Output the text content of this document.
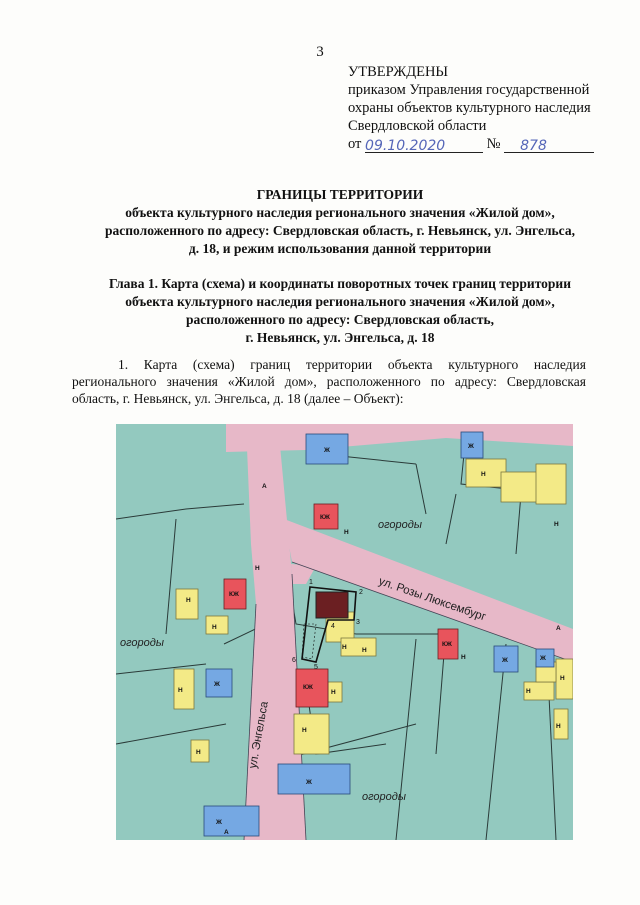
3
УТВЕРЖДЕНЫ
приказом Управления государственной
охраны объектов культурного наследия
Свердловской области
от 09.10.2020	№ 878
ГРАНИЦЫ ТЕРРИТОРИИ
объекта культурного наследия регионального значения «Жилой дом»,
расположенного по адресу: Свердловская область, г. Невьянск, ул. Энгельса,
д. 18, и режим использования данной территории
Глава 1. Карта (схема) и координаты поворотных точек границ территории
объекта культурного наследия регионального значения «Жилой дом»,
расположенного по адресу: Свердловская область,
г. Невьянск, ул. Энгельса, д. 18
1. Карта (схема) границ территории объекта культурного наследия регионального значения «Жилой дом», расположенного по адресу: Свердловская область, г. Невьянск, ул. Энгельса, д. 18 (далее – Объект):
1
2
3
4
5
6
ул. Розы Люксембург
ул. Энгельса
огороды
огороды
огороды
Ж
Ж
Н
Н
КЖ
Н
Н
КЖ
Н
Н
Н Н
КЖ
Н	Ж	Ж
КЖ
Н
Ж
Н
Н
Н
Н
Н
Ж
Ж
А
А
А
Н
